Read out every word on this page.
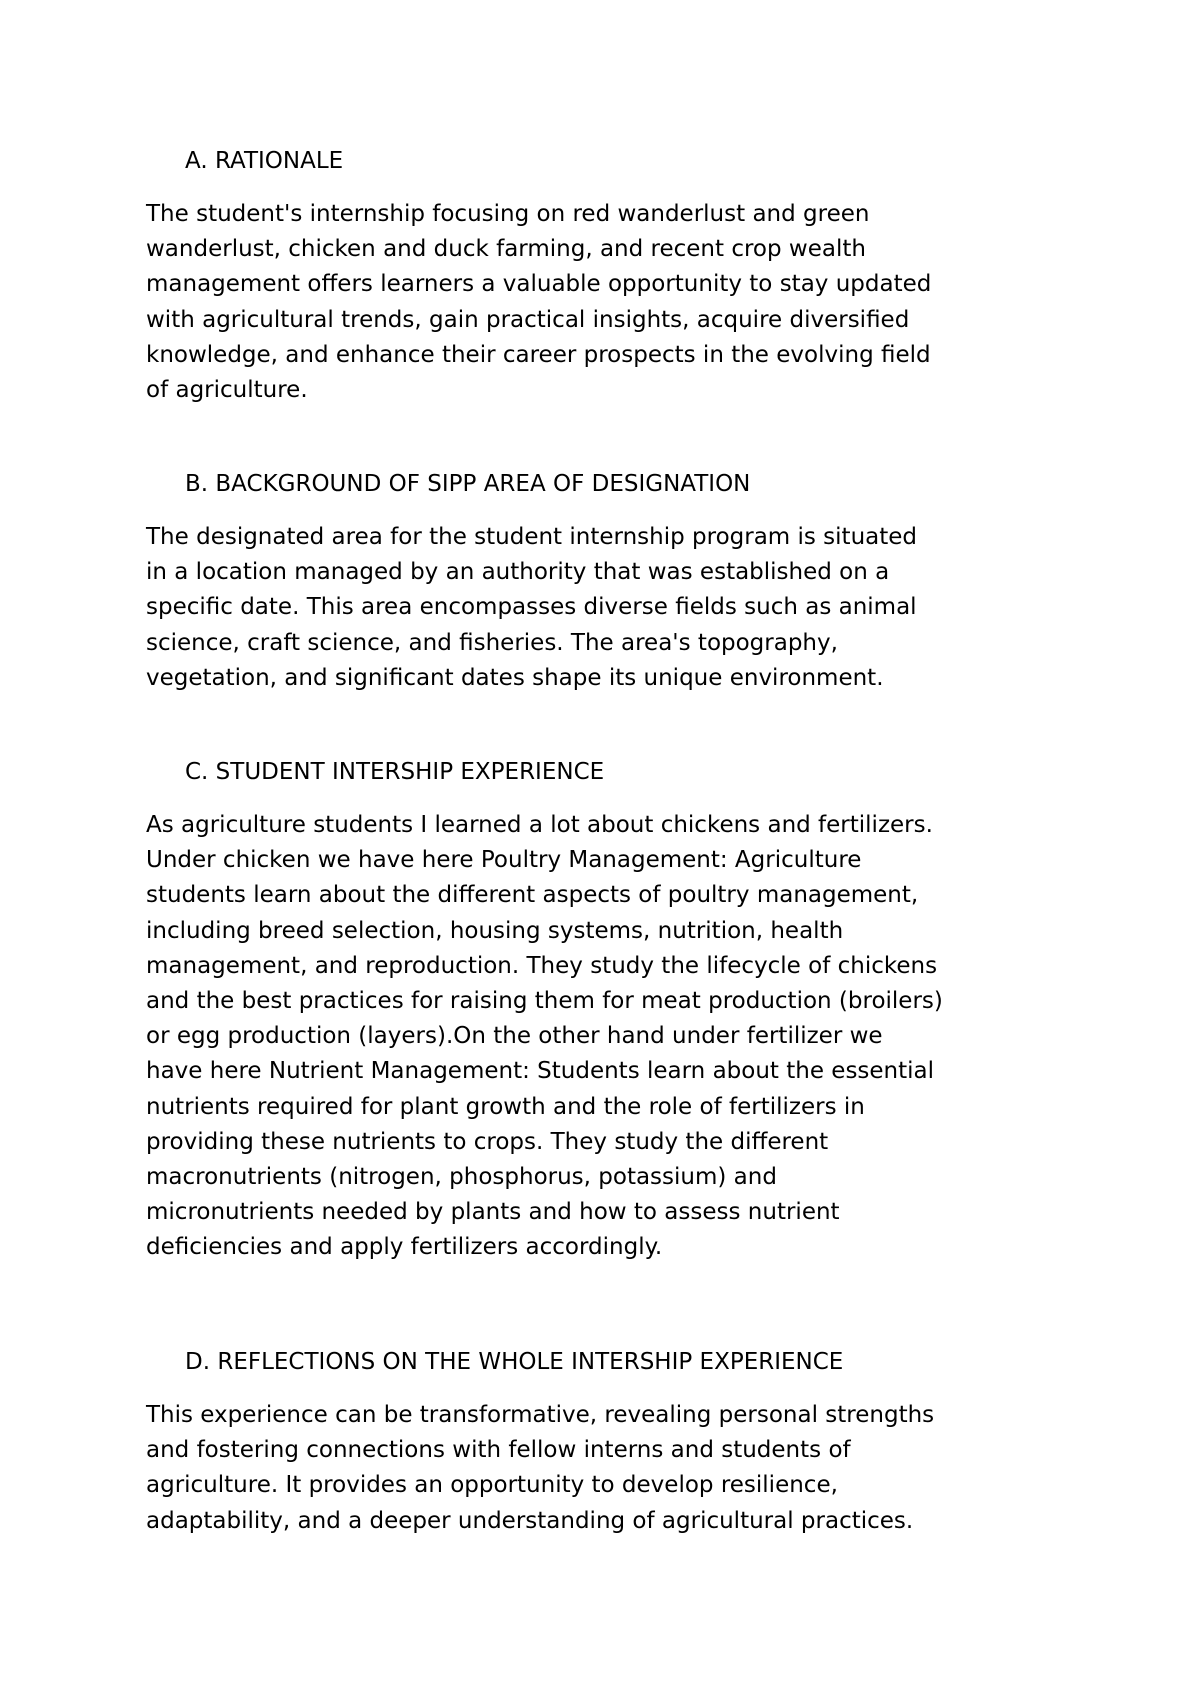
A. RATIONALE
The student's internship focusing on red wanderlust and green
wanderlust, chicken and duck farming, and recent crop wealth
management offers learners a valuable opportunity to stay updated
with agricultural trends, gain practical insights, acquire diversified
knowledge, and enhance their career prospects in the evolving field
of agriculture.
B. BACKGROUND OF SIPP AREA OF DESIGNATION
The designated area for the student internship program is situated
in a location managed by an authority that was established on a
specific date. This area encompasses diverse fields such as animal
science, craft science, and fisheries. The area's topography,
vegetation, and significant dates shape its unique environment.
C. STUDENT INTERSHIP EXPERIENCE
As agriculture students I learned a lot about chickens and fertilizers.
Under chicken we have here Poultry Management: Agriculture
students learn about the different aspects of poultry management,
including breed selection, housing systems, nutrition, health
management, and reproduction. They study the lifecycle of chickens
and the best practices for raising them for meat production (broilers)
or egg production (layers).On the other hand under fertilizer we
have here Nutrient Management: Students learn about the essential
nutrients required for plant growth and the role of fertilizers in
providing these nutrients to crops. They study the different
macronutrients (nitrogen, phosphorus, potassium) and
micronutrients needed by plants and how to assess nutrient
deficiencies and apply fertilizers accordingly.
D. REFLECTIONS ON THE WHOLE INTERSHIP EXPERIENCE
This experience can be transformative, revealing personal strengths
and fostering connections with fellow interns and students of
agriculture. It provides an opportunity to develop resilience,
adaptability, and a deeper understanding of agricultural practices.
